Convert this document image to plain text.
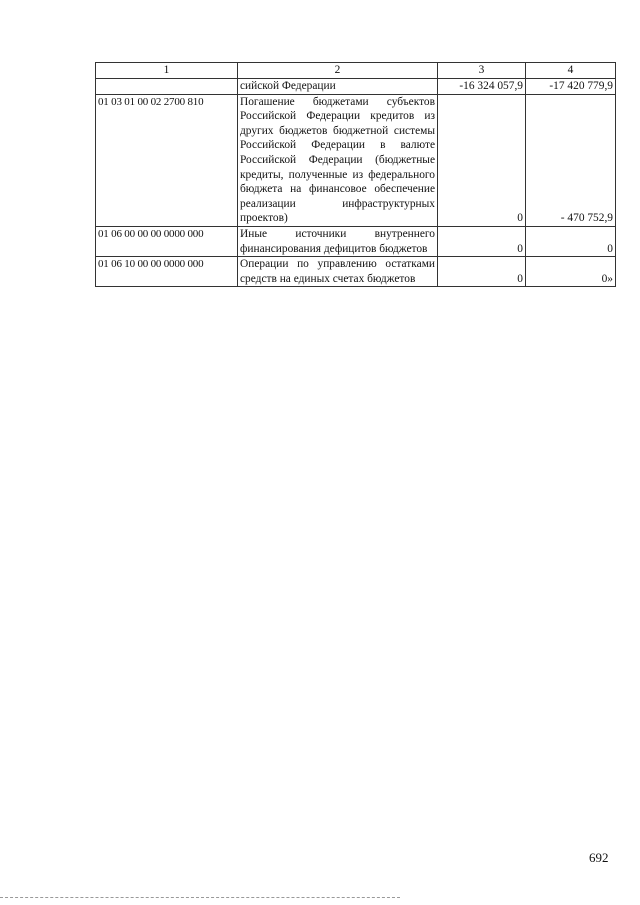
1	2	3	4
	сийской Федерации	-16 324 057,9	-17 420 779,9
01 03 01 00 02 2700 810	Погашение бюджетами субъектов Российской Федерации кредитов из других бюджетов бюджетной системы Российской Федерации в валюте Российской Федерации (бюджетные кредиты, полученные из федерального бюджета на финансовое обеспечение реализации инфраструктурных проектов)	0	- 470 752,9
01 06 00 00 00 0000 000	Иные источники внутреннего финансирования дефицитов бюджетов	0	0
01 06 10 00 00 0000 000	Операции по управлению остатками средств на единых счетах бюджетов	0	0»
692
